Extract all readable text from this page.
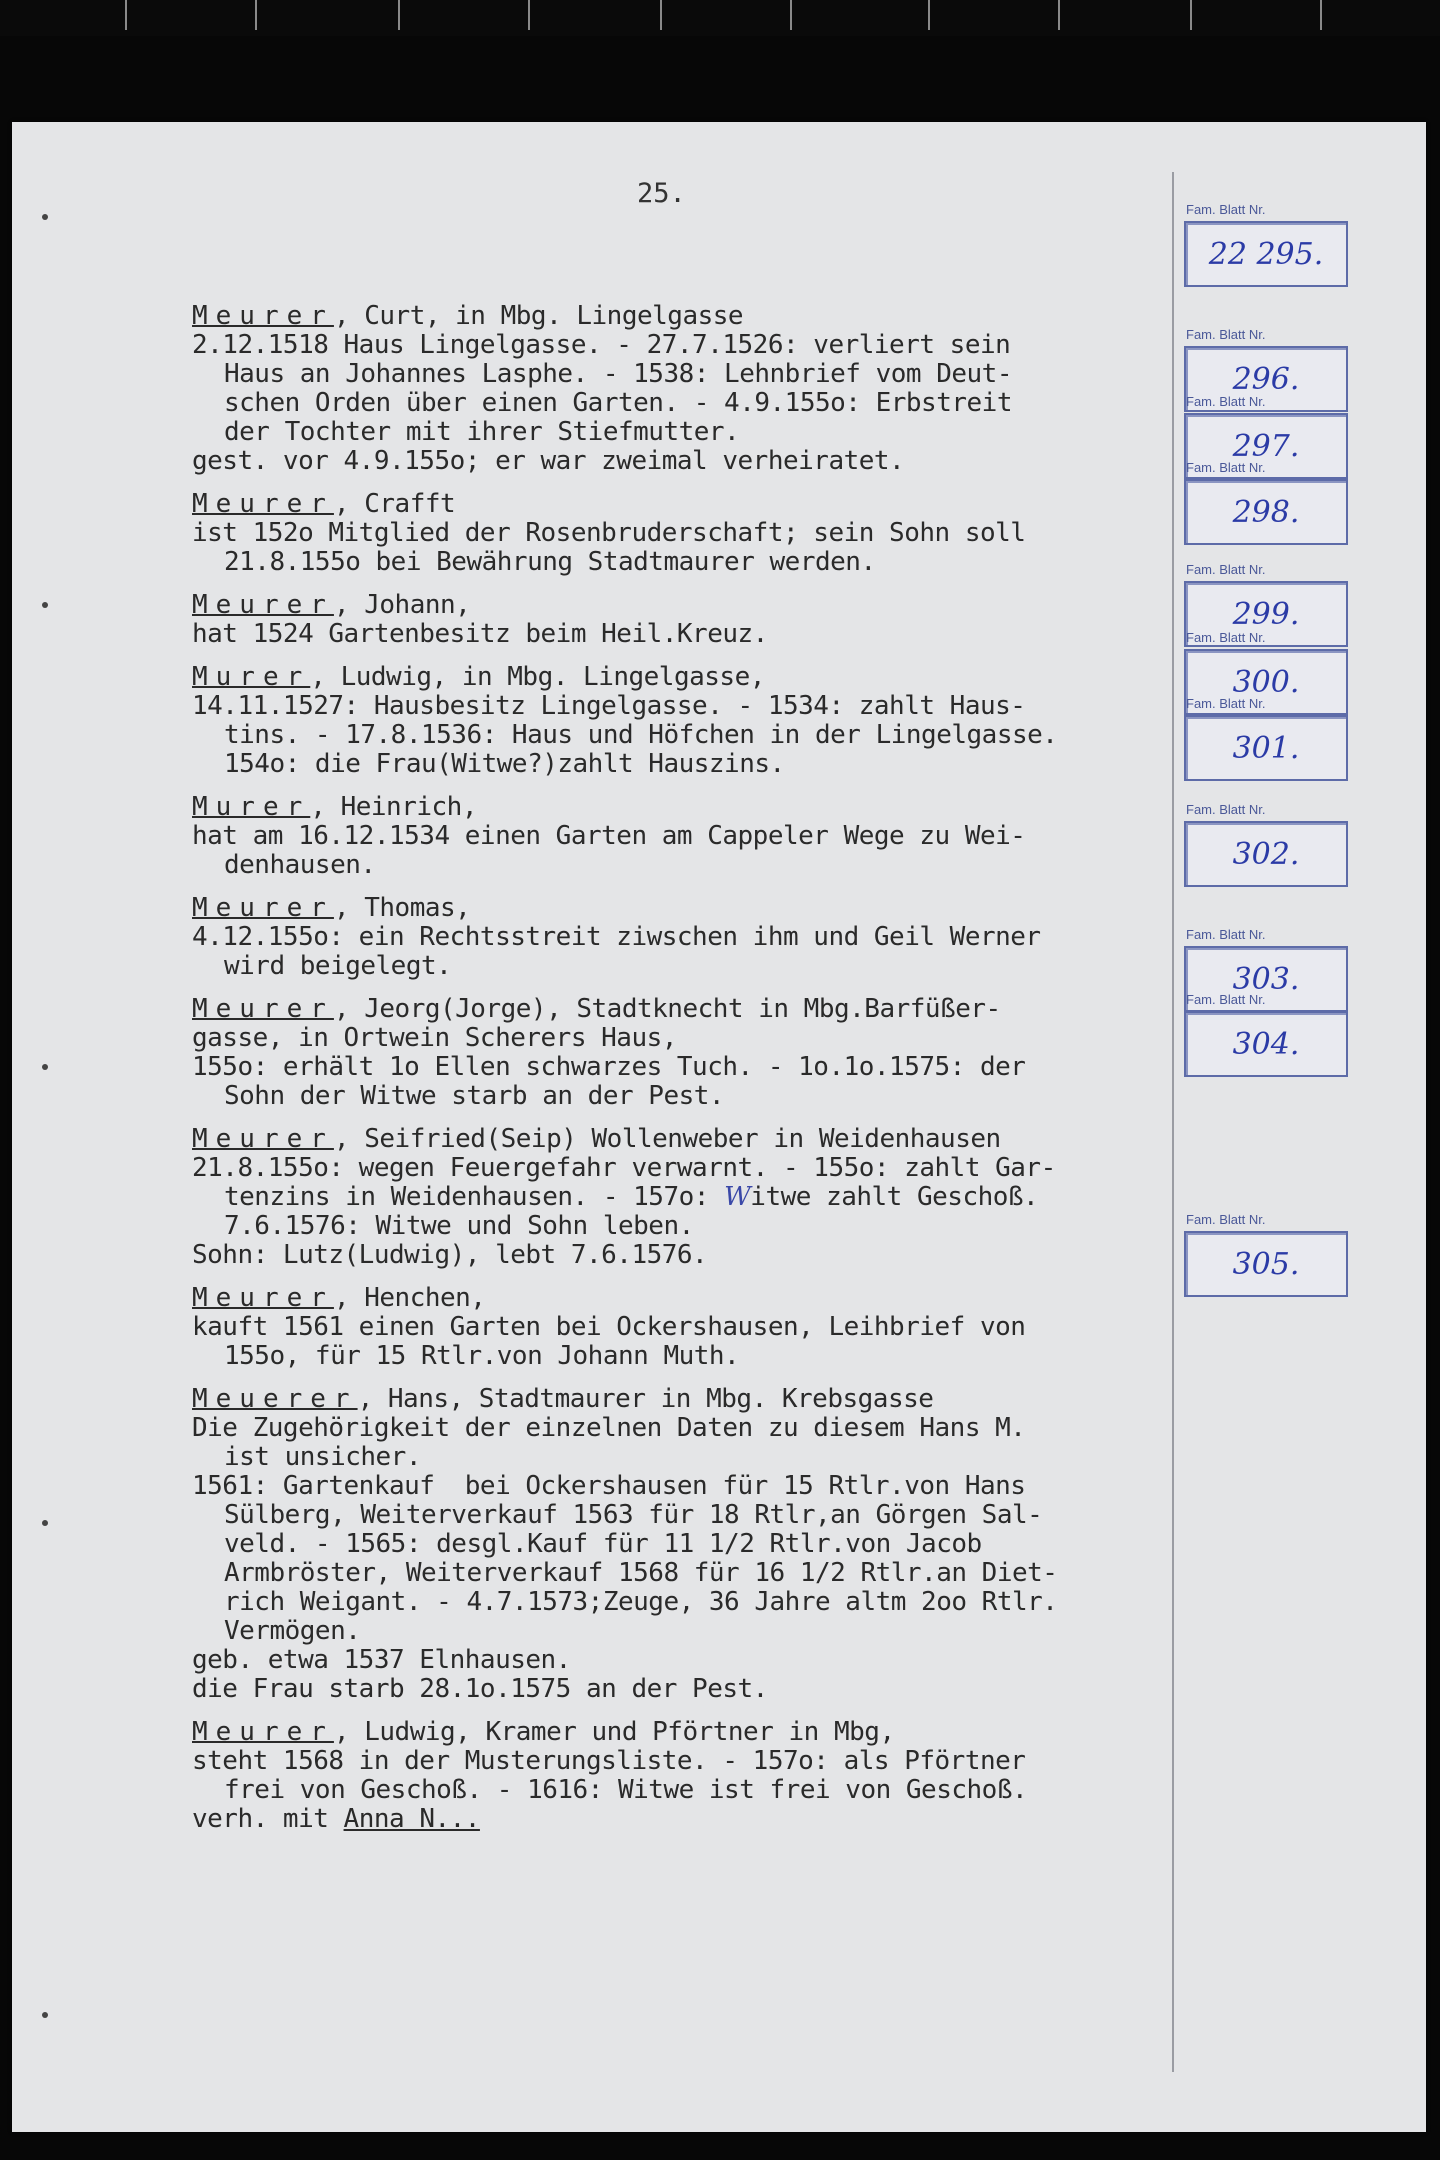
25.
Meurer, Curt, in Mbg. Lingelgasse
2.12.1518 Haus Lingelgasse. - 27.7.1526: verliert sein
Haus an Johannes Lasphe. - 1538: Lehnbrief vom Deut-
schen Orden über einen Garten. - 4.9.155o: Erbstreit
der Tochter mit ihrer Stiefmutter.
gest. vor 4.9.155o; er war zweimal verheiratet.
Meurer, Crafft
ist 152o Mitglied der Rosenbruderschaft; sein Sohn soll
21.8.155o bei Bewährung Stadtmaurer werden.
Meurer, Johann,
hat 1524 Gartenbesitz beim Heil.Kreuz.
Murer, Ludwig, in Mbg. Lingelgasse,
14.11.1527: Hausbesitz Lingelgasse. - 1534: zahlt Haus-
tins. - 17.8.1536: Haus und Höfchen in der Lingelgasse.
154o: die Frau(Witwe?)zahlt Hauszins.
Murer, Heinrich,
hat am 16.12.1534 einen Garten am Cappeler Wege zu Wei-
denhausen.
Meurer, Thomas,
4.12.155o: ein Rechtsstreit ziwschen ihm und Geil Werner
wird beigelegt.
Meurer, Jeorg(Jorge), Stadtknecht in Mbg.Barfüßer-
gasse, in Ortwein Scherers Haus,
155o: erhält 1o Ellen schwarzes Tuch. - 1o.1o.1575: der
Sohn der Witwe starb an der Pest.
Meurer, Seifried(Seip) Wollenweber in Weidenhausen
21.8.155o: wegen Feuergefahr verwarnt. - 155o: zahlt Gar-
tenzins in Weidenhausen. - 157o: Witwe zahlt Geschoß.
7.6.1576: Witwe und Sohn leben.
Sohn: Lutz(Ludwig), lebt 7.6.1576.
Meurer, Henchen,
kauft 1561 einen Garten bei Ockershausen, Leihbrief von
155o, für 15 Rtlr.von Johann Muth.
Meuerer, Hans, Stadtmaurer in Mbg. Krebsgasse
Die Zugehörigkeit der einzelnen Daten zu diesem Hans M.
ist unsicher.
1561: Gartenkauf  bei Ockershausen für 15 Rtlr.von Hans
Sülberg, Weiterverkauf 1563 für 18 Rtlr,an Görgen Sal-
veld. - 1565: desgl.Kauf für 11 1/2 Rtlr.von Jacob
Armbröster, Weiterverkauf 1568 für 16 1/2 Rtlr.an Diet-
rich Weigant. - 4.7.1573;Zeuge, 36 Jahre altm 2oo Rtlr.
Vermögen.
geb. etwa 1537 Elnhausen.
die Frau starb 28.1o.1575 an der Pest.
Meurer, Ludwig, Kramer und Pförtner in Mbg,
steht 1568 in der Musterungsliste. - 157o: als Pförtner
frei von Geschoß. - 1616: Witwe ist frei von Geschoß.
verh. mit Anna N...
Fam. Blatt Nr.
22 295.
Fam. Blatt Nr.
296.
Fam. Blatt Nr.
297.
Fam. Blatt Nr.
298.
Fam. Blatt Nr.
299.
Fam. Blatt Nr.
300.
Fam. Blatt Nr.
301.
Fam. Blatt Nr.
302.
Fam. Blatt Nr.
303.
Fam. Blatt Nr.
304.
Fam. Blatt Nr.
305.
